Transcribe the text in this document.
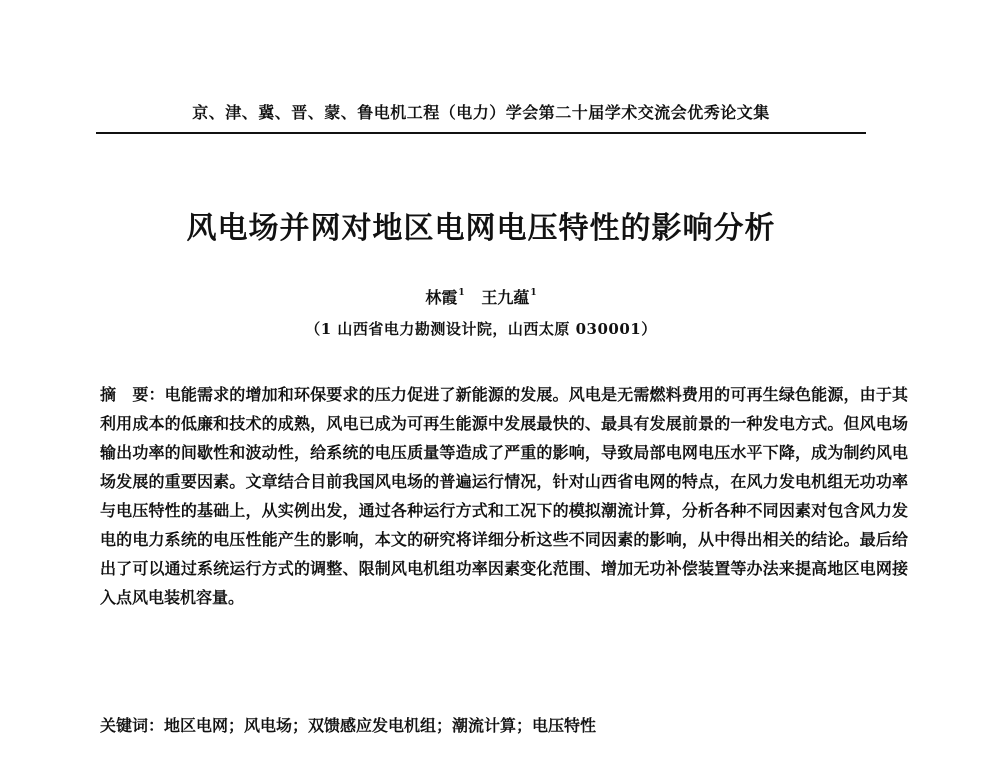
京、津、冀、晋、蒙、鲁电机工程（电力）学会第二十届学术交流会优秀论文集
风电场并网对地区电网电压特性的影响分析
林霞$^1$ 王九蕴$^1$
（1 山西省电力勘测设计院，山西太原 030001）
摘　要：电能需求的增加和环保要求的压力促进了新能源的发展。风电是无需燃料费用的可再生绿色能源，由于其利用成本的低廉和技术的成熟，风电已成为可再生能源中发展最快的、最具有发展前景的一种发电方式。但风电场输出功率的间歇性和波动性，给系统的电压质量等造成了严重的影响，导致局部电网电压水平下降，成为制约风电场发展的重要因素。文章结合目前我国风电场的普遍运行情况，针对山西省电网的特点，在风力发电机组无功功率与电压特性的基础上，从实例出发，通过各种运行方式和工况下的模拟潮流计算，分析各种不同因素对包含风力发电的电力系统的电压性能产生的影响，本文的研究将详细分析这些不同因素的影响，从中得出相关的结论。最后给出了可以通过系统运行方式的调整、限制风电机组功率因素变化范围、增加无功补偿装置等办法来提高地区电网接入点风电装机容量。
关键词：地区电网；风电场；双馈感应发电机组；潮流计算；电压特性
